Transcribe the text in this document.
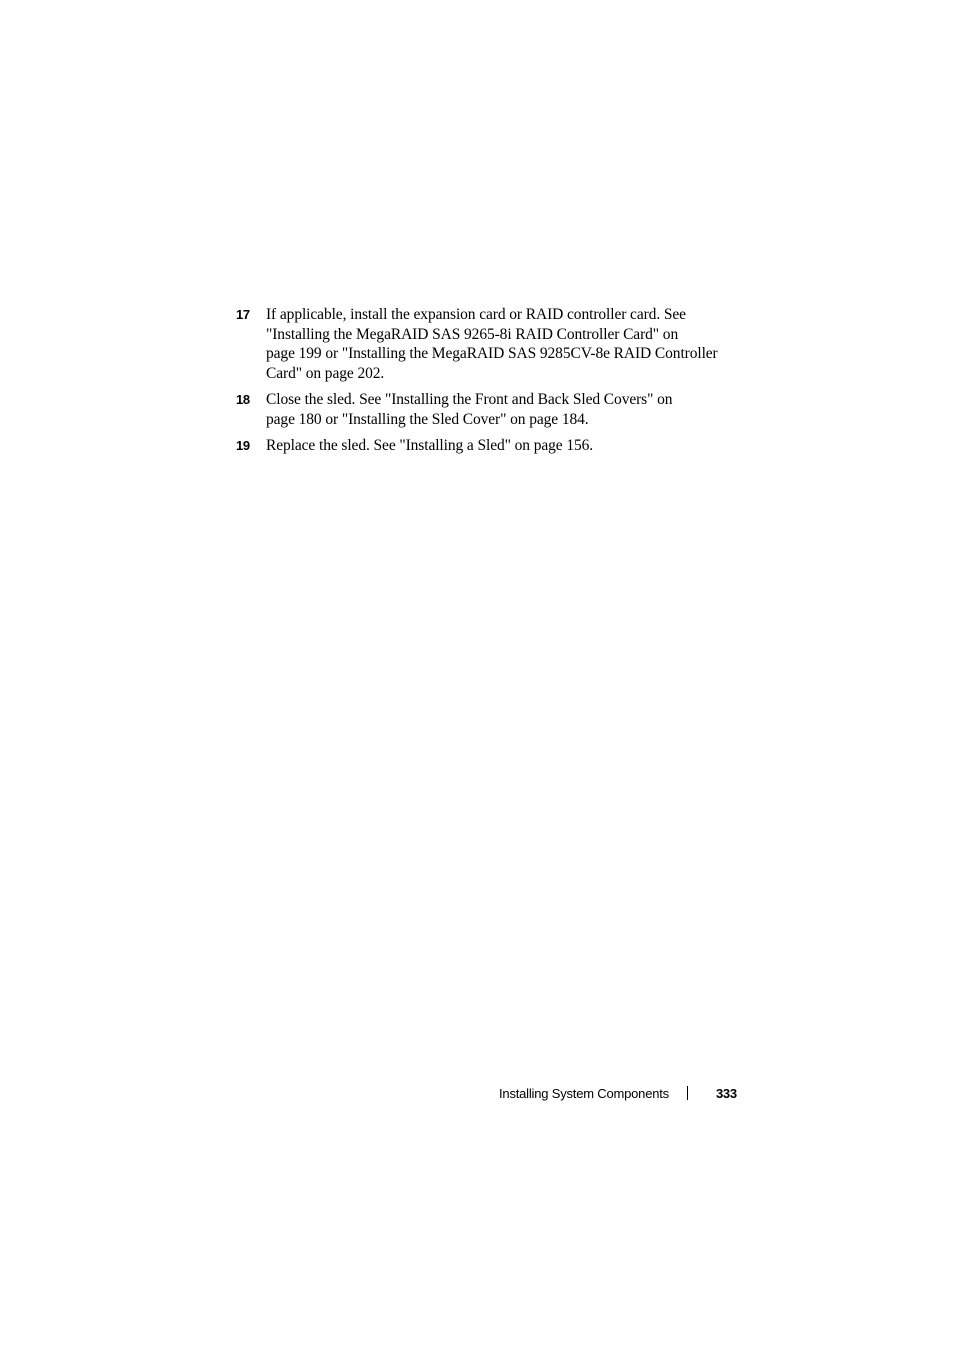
17 If applicable, install the expansion card or RAID controller card. See
"Installing the MegaRAID SAS 9265-8i RAID Controller Card" on
page 199 or "Installing the MegaRAID SAS 9285CV-8e RAID Controller
Card" on page 202.
18 Close the sled. See "Installing the Front and Back Sled Covers" on
page 180 or "Installing the Sled Cover" on page 184.
19 Replace the sled. See "Installing a Sled" on page 156.
Installing System Components	333
